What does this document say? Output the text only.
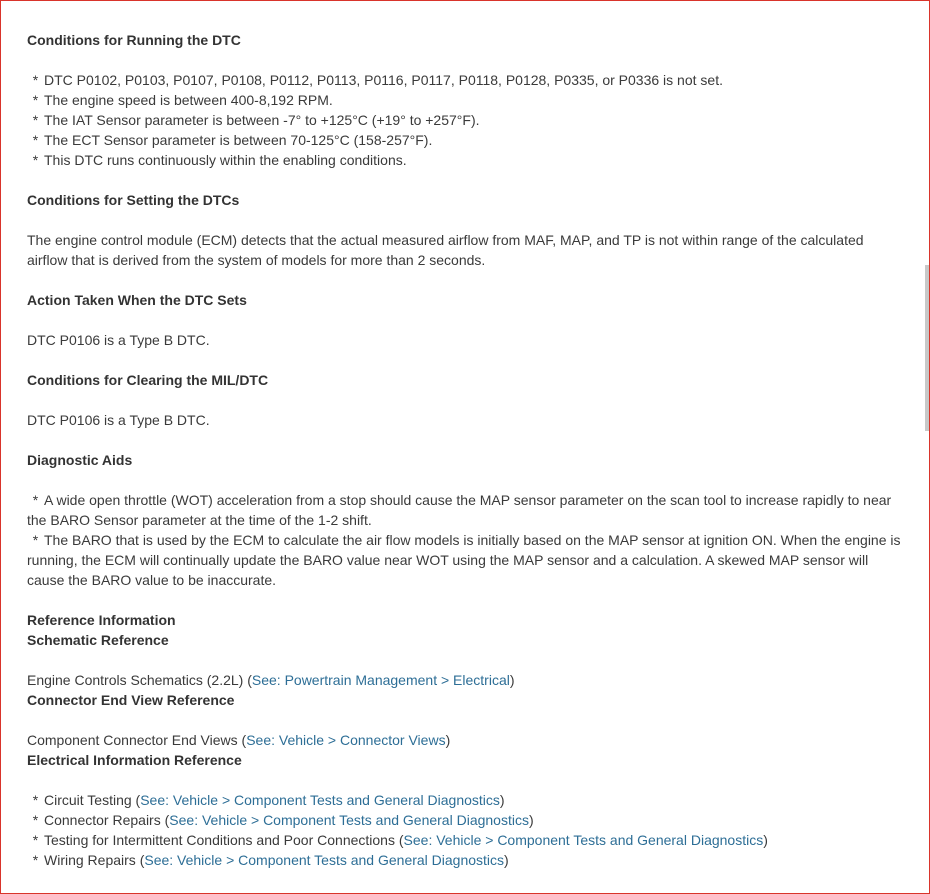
Conditions for Running the DTC

* DTC P0102, P0103, P0107, P0108, P0112, P0113, P0116, P0117, P0118, P0128, P0335, or P0336 is not set.

* The engine speed is between 400-8,192 RPM.

* The IAT Sensor parameter is between -7° to +125°C (+19° to +257°F).

* The ECT Sensor parameter is between 70-125°C (158-257°F).

* This DTC runs continuously within the enabling conditions.

Conditions for Setting the DTCs

The engine control module (ECM) detects that the actual measured airflow from MAF, MAP, and TP is not within range of the calculated airflow that is derived from the system of models for more than 2 seconds.

Action Taken When the DTC Sets

DTC P0106 is a Type B DTC.

Conditions for Clearing the MIL/DTC

DTC P0106 is a Type B DTC.

Diagnostic Aids

* A wide open throttle (WOT) acceleration from a stop should cause the MAP sensor parameter on the scan tool to increase rapidly to near the BARO Sensor parameter at the time of the 1-2 shift.

* The BARO that is used by the ECM to calculate the air flow models is initially based on the MAP sensor at ignition ON. When the engine is running, the ECM will continually update the BARO value near WOT using the MAP sensor and a calculation. A skewed MAP sensor will cause the BARO value to be inaccurate.

Reference Information

Schematic Reference

Engine Controls Schematics (2.2L) (See: Powertrain Management > Electrical)

Connector End View Reference

Component Connector End Views (See: Vehicle > Connector Views)

Electrical Information Reference

* Circuit Testing (See: Vehicle > Component Tests and General Diagnostics)

* Connector Repairs (See: Vehicle > Component Tests and General Diagnostics)

* Testing for Intermittent Conditions and Poor Connections (See: Vehicle > Component Tests and General Diagnostics)

* Wiring Repairs (See: Vehicle > Component Tests and General Diagnostics)
